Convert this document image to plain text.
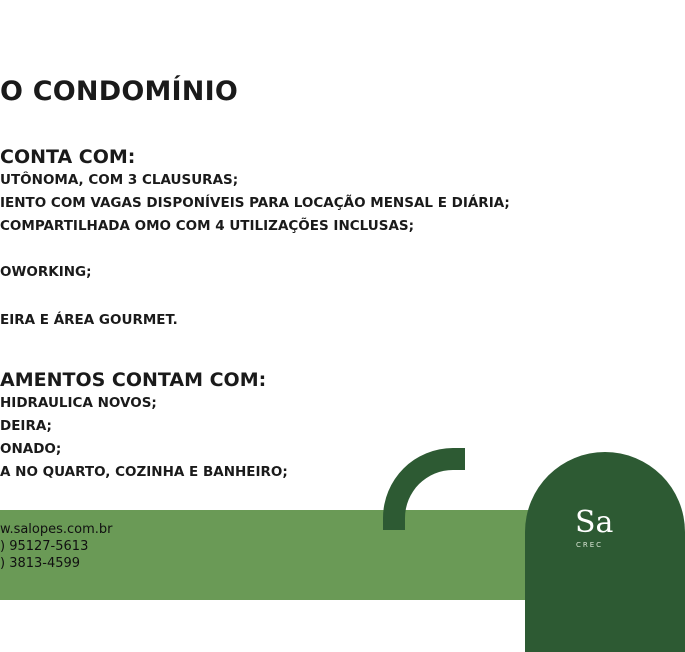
O CONDOMÍNIO
CONTA COM:
UTÔNOMA, COM 3 CLAUSURAS;
IENTO COM VAGAS DISPONÍVEIS PARA LOCAÇÃO MENSAL E DIÁRIA;
COMPARTILHADA OMO COM 4 UTILIZAÇÕES INCLUSAS;
OWORKING;
EIRA E ÁREA GOURMET.
AMENTOS CONTAM COM:
HIDRAULICA NOVOS;
DEIRA;
ONADO;
A NO QUARTO, COZINHA E BANHEIRO;
w.salopes.com.br
) 95127-5613
) 3813-4599
Sa
CREC
